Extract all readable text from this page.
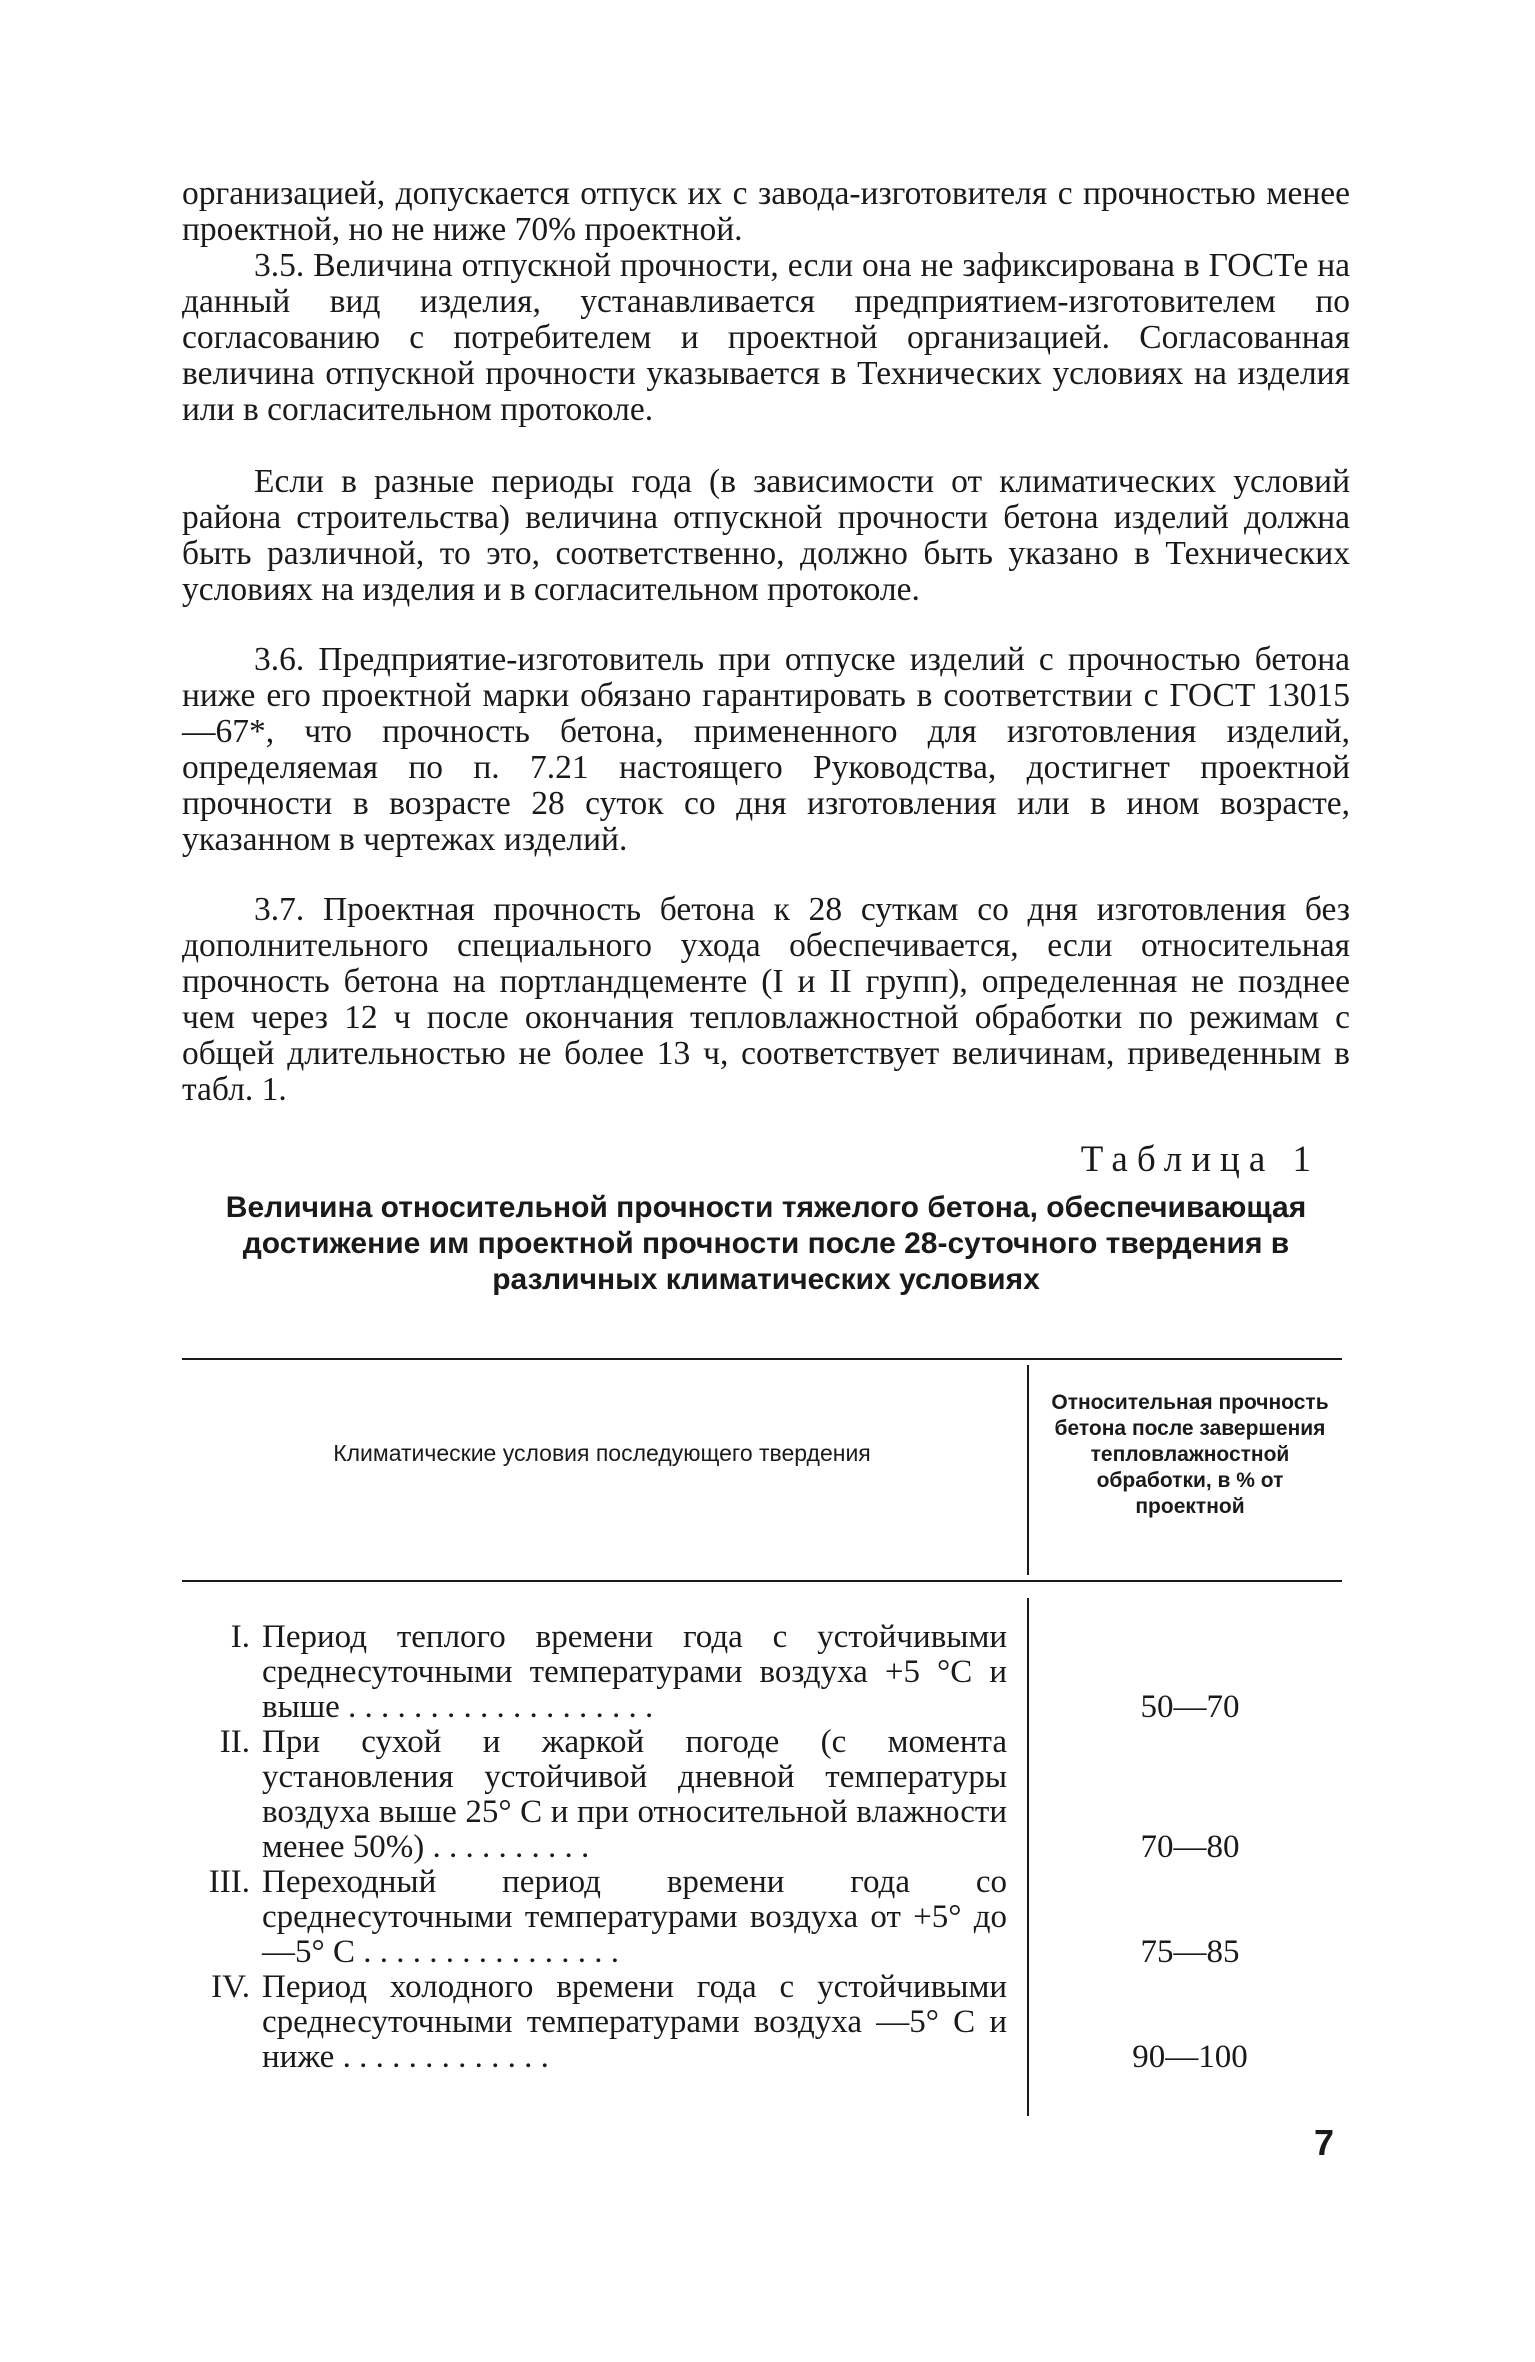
организацией, допускается отпуск их с завода-изготовителя с прочностью менее проектной, но не ниже 70% проектной.

3.5. Величина отпускной прочности, если она не зафиксирована в ГОСТе на данный вид изделия, устанавливается предприятием-изготовителем по согласованию с потребителем и проектной организацией. Согласованная величина отпускной прочности указывается в Технических условиях на изделия или в согласительном протоколе.

Если в разные периоды года (в зависимости от климатических условий района строительства) величина отпускной прочности бетона изделий должна быть различной, то это, соответственно, должно быть указано в Технических условиях на изделия и в согласительном протоколе.

3.6. Предприятие-изготовитель при отпуске изделий с прочностью бетона ниже его проектной марки обязано гарантировать в соответствии с ГОСТ 13015—67*, что прочность бетона, примененного для изготовления изделий, определяемая по п. 7.21 настоящего Руководства, достигнет проектной прочности в возрасте 28 суток со дня изготовления или в ином возрасте, указанном в чертежах изделий.

3.7. Проектная прочность бетона к 28 суткам со дня изготовления без дополнительного специального ухода обеспечивается, если относительная прочность бетона на портландцементе (I и II групп), определенная не позднее чем через 12 ч после окончания тепловлажностной обработки по режимам с общей длительностью не более 13 ч, соответствует величинам, приведенным в табл. 1.

Таблица 1

Величина относительной прочности тяжелого бетона, обеспечивающая достижение им проектной прочности после 28-суточного твердения в различных климатических условиях

Климатические условия последующего твердения
Относительная прочность бетона после завершения тепловлажностной обработки, в % от проектной
I. Период теплого времени года с устойчивыми среднесуточными температурами воздуха +5 °С и выше . . . . . . . . . . . . . . . . . . .	50—70
II. При сухой и жаркой погоде (с момента установления устойчивой дневной температуры воздуха выше 25° С и при относительной влажности менее 50%) . . . . . . . . . .	70—80
III. Переходный период времени года со среднесуточными температурами воздуха от +5° до —5° С . . . . . . . . . . . . . . . .	75—85
IV. Период холодного времени года с устойчивыми среднесуточными температурами воздуха —5° С и ниже . . . . . . . . . . . . .	90—100
7
